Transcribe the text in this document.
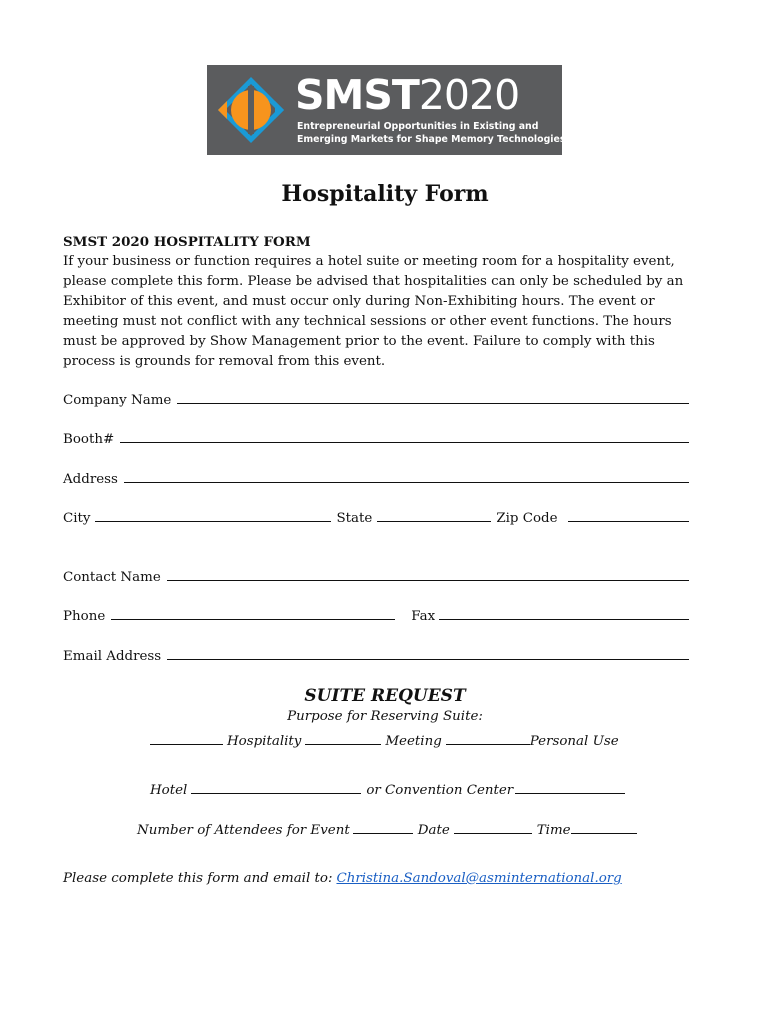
SMST2020
Entrepreneurial Opportunities in Existing and
Emerging Markets for Shape Memory Technologies
Hospitality Form
SMST 2020 HOSPITALITY FORM
If your business or function requires a hotel suite or meeting room for a hospitality event,
please complete this form. Please be advised that hospitalities can only be scheduled by an
Exhibitor of this event, and must occur only during Non-Exhibiting hours. The event or
meeting must not conflict with any technical sessions or other event functions. The hours
must be approved by Show Management prior to the event. Failure to comply with this
process is grounds for removal from this event.
Company Name
Booth#
Address
City	State	Zip Code
Contact Name
Phone	Fax
Email Address
SUITE REQUEST
Purpose for Reserving Suite:
Hospitality	Meeting	Personal Use
Hotel	or Convention Center
Number of Attendees for Event	Date	Time
Please complete this form and email to: Christina.Sandoval@asminternational.org
